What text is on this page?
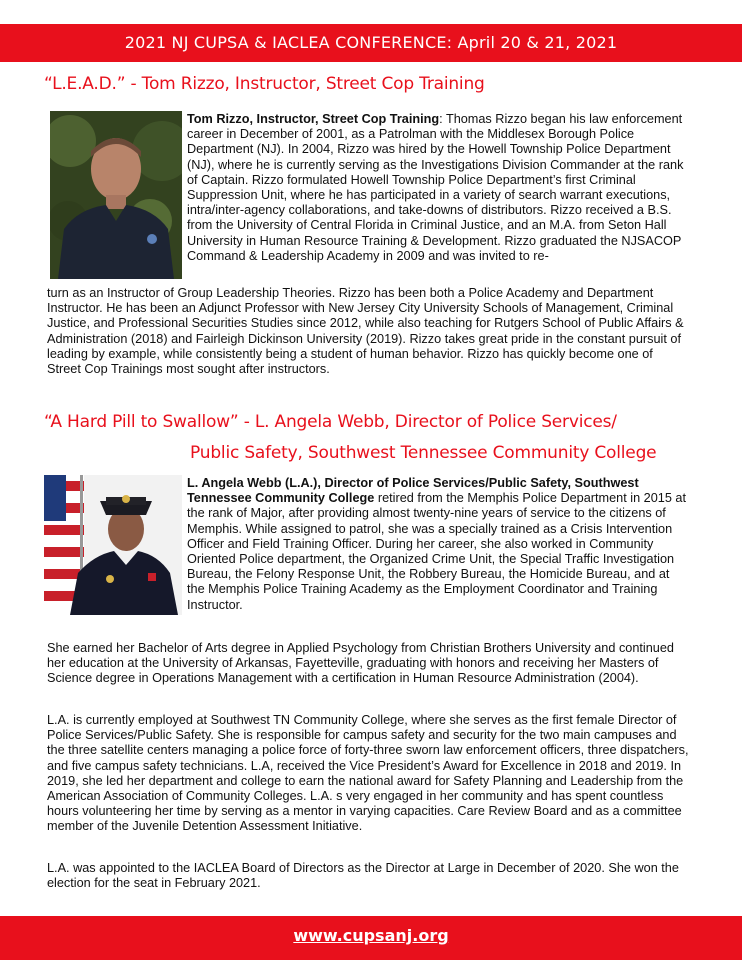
2021 NJ CUPSA & IACLEA CONFERENCE: April 20 & 21, 2021
“L.E.A.D.” - Tom Rizzo, Instructor, Street Cop Training
Tom Rizzo, Instructor, Street Cop Training: Thomas Rizzo began his law enforcement career in December of 2001, as a Patrolman with the Middlesex Borough Police Department (NJ). In 2004, Rizzo was hired by the Howell Township Police Department (NJ), where he is currently serving as the Investigations Division Commander at the rank of Captain. Rizzo formulated Howell Township Police Department’s first Criminal Suppression Unit, where he has participated in a variety of search warrant executions, intra/inter-agency collaborations, and take-downs of distributors. Rizzo received a B.S. from the University of Central Florida in Criminal Justice, and an M.A. from Seton Hall University in Human Resource Training & Development. Rizzo graduated the NJSACOP Command & Leadership Academy in 2009 and was invited to re-
turn as an Instructor of Group Leadership Theories. Rizzo has been both a Police Academy and Department Instructor. He has been an Adjunct Professor with New Jersey City University Schools of Management, Criminal Justice, and Professional Securities Studies since 2012, while also teaching for Rutgers School of Public Affairs & Administration (2018) and Fairleigh Dickinson University (2019). Rizzo takes great pride in the constant pursuit of leading by example, while consistently being a student of human behavior. Rizzo has quickly become one of Street Cop Trainings most sought after instructors.
“A Hard Pill to Swallow” - L. Angela Webb, Director of Police Services/
Public Safety, Southwest Tennessee Community College
L. Angela Webb (L.A.), Director of Police Services/Public Safety, Southwest Tennessee Community College retired from the Memphis Police Department in 2015 at the rank of Major, after providing almost twenty-nine years of service to the citizens of Memphis. While assigned to patrol, she was a specially trained as a Crisis Intervention Officer and Field Training Officer. During her career, she also worked in Community Oriented Police department, the Organized Crime Unit, the Special Traffic Investigation Bureau, the Felony Response Unit, the Robbery Bureau, the Homicide Bureau, and at the Memphis Police Training Academy as the Employment Coordinator and Training Instructor.
She earned her Bachelor of Arts degree in Applied Psychology from Christian Brothers University and continued her education at the University of Arkansas, Fayetteville, graduating with honors and receiving her Masters of Science degree in Operations Management with a certification in Human Resource Administration (2004).
L.A. is currently employed at Southwest TN Community College, where she serves as the first female Director of Police Services/Public Safety. She is responsible for campus safety and security for the two main campuses and the three satellite centers managing a police force of forty-three sworn law enforcement officers, three dispatchers, and five campus safety technicians. L.A, received the Vice President’s Award for Excellence in 2018 and 2019. In 2019, she led her department and college to earn the national award for Safety Planning and Leadership from the American Association of Community Colleges. L.A. s very engaged in her community and has spent countless hours volunteering her time by serving as a mentor in varying capacities. Care Review Board and as a committee member of the Juvenile Detention Assessment Initiative.
L.A. was appointed to the IACLEA Board of Directors as the Director at Large in December of 2020. She won the election for the seat in February 2021.
www.cupsanj.org
